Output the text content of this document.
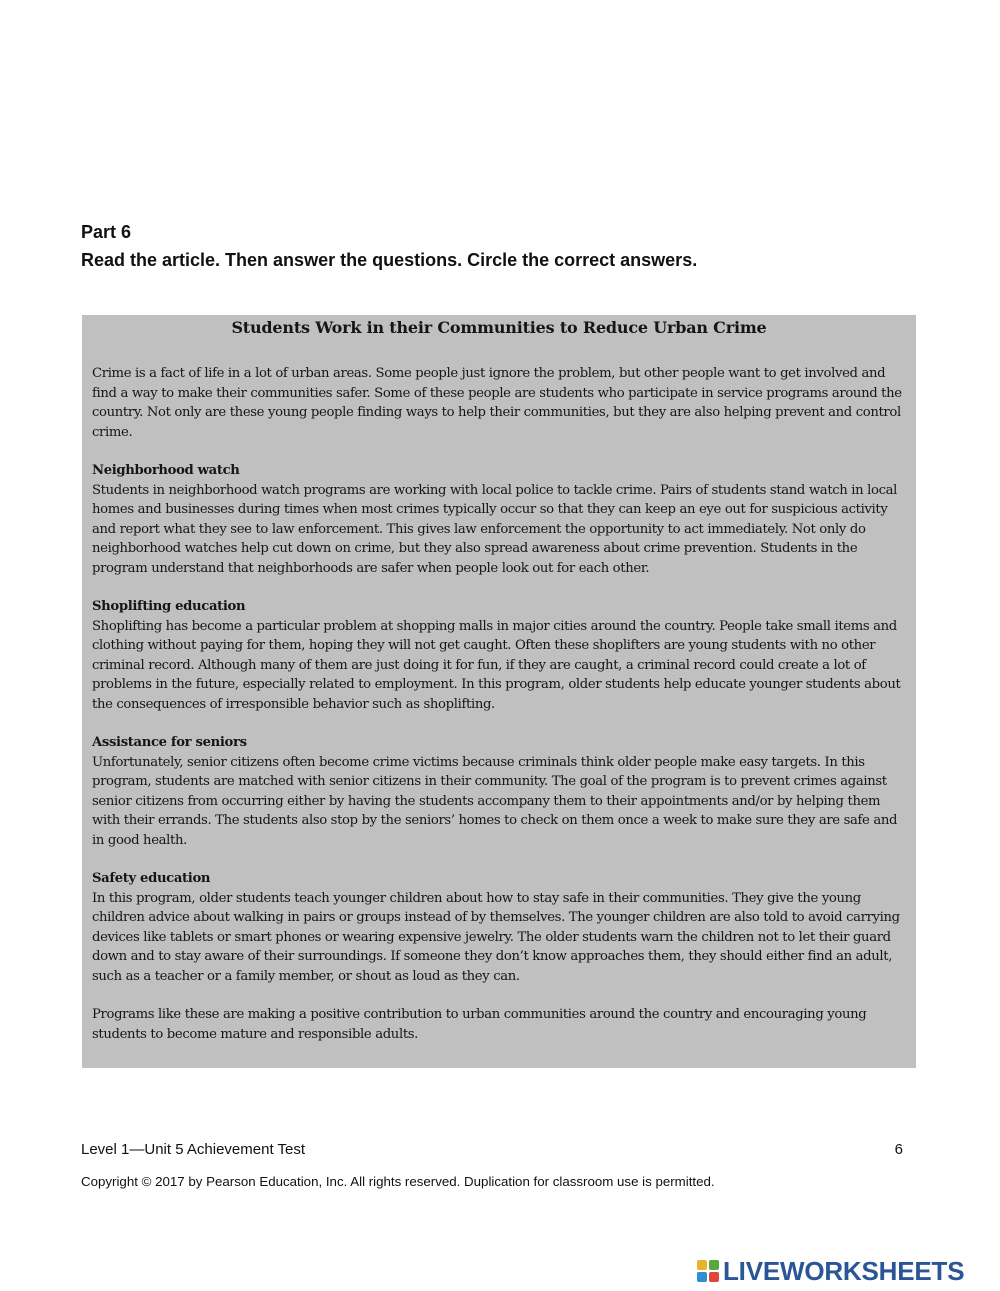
Part 6
Read the article. Then answer the questions. Circle the correct answers.
Students Work in their Communities to Reduce Urban Crime

Crime is a fact of life in a lot of urban areas. Some people just ignore the problem, but other people want to get involved and find a way to make their communities safer. Some of these people are students who participate in service programs around the country. Not only are these young people finding ways to help their communities, but they are also helping prevent and control crime.

Neighborhood watch

Students in neighborhood watch programs are working with local police to tackle crime. Pairs of students stand watch in local homes and businesses during times when most crimes typically occur so that they can keep an eye out for suspicious activity and report what they see to law enforcement. This gives law enforcement the opportunity to act immediately. Not only do neighborhood watches help cut down on crime, but they also spread awareness about crime prevention. Students in the program understand that neighborhoods are safer when people look out for each other.

Shoplifting education

Shoplifting has become a particular problem at shopping malls in major cities around the country. People take small items and clothing without paying for them, hoping they will not get caught. Often these shoplifters are young students with no other criminal record. Although many of them are just doing it for fun, if they are caught, a criminal record could create a lot of problems in the future, especially related to employment. In this program, older students help educate younger students about the consequences of irresponsible behavior such as shoplifting.

Assistance for seniors

Unfortunately, senior citizens often become crime victims because criminals think older people make easy targets. In this program, students are matched with senior citizens in their community. The goal of the program is to prevent crimes against senior citizens from occurring either by having the students accompany them to their appointments and/or by helping them with their errands. The students also stop by the seniors’ homes to check on them once a week to make sure they are safe and in good health.

Safety education

In this program, older students teach younger children about how to stay safe in their communities. They give the young children advice about walking in pairs or groups instead of by themselves. The younger children are also told to avoid carrying devices like tablets or smart phones or wearing expensive jewelry. The older students warn the children not to let their guard down and to stay aware of their surroundings. If someone they don’t know approaches them, they should either find an adult, such as a teacher or a family member, or shout as loud as they can.

Programs like these are making a positive contribution to urban communities around the country and encouraging young students to become mature and responsible adults.

Level 1—Unit 5 Achievement Test	6

Copyright © 2017 by Pearson Education, Inc. All rights reserved. Duplication for classroom use is permitted.

LIVEWORKSHEETS
